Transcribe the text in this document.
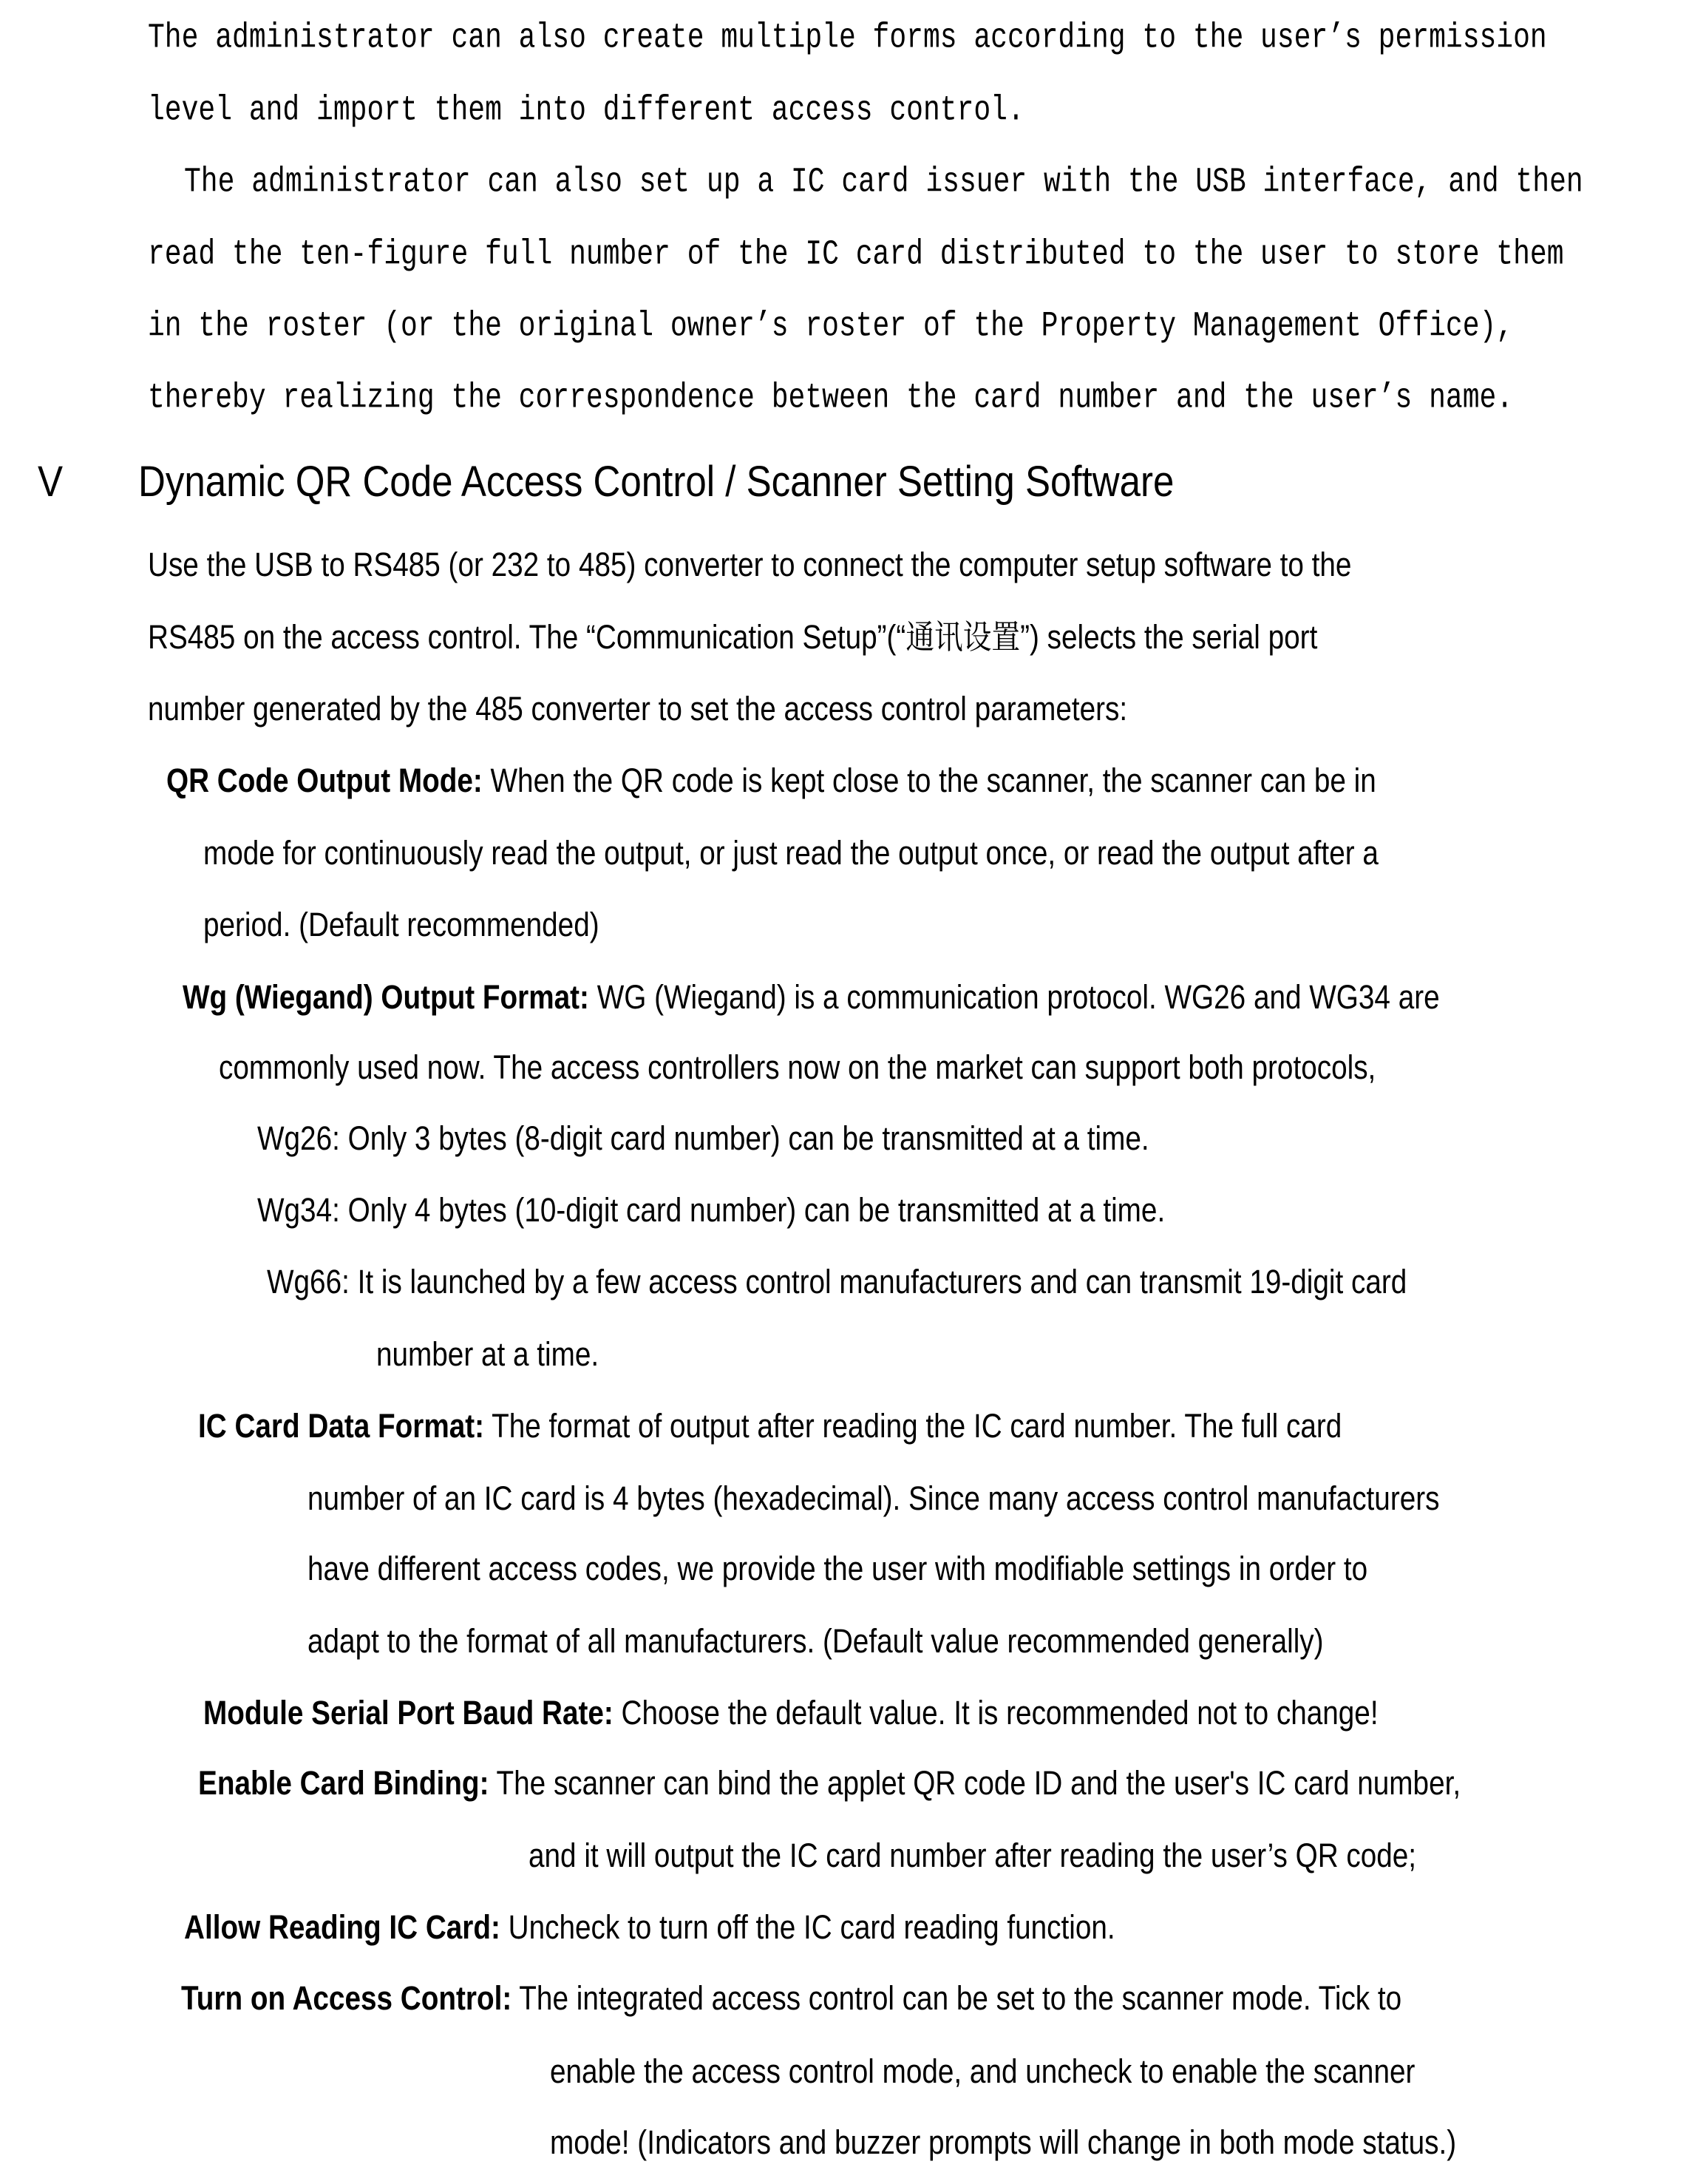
The administrator can also create multiple forms according to the user’s permission
level and import them into different access control.
The administrator can also set up a IC card issuer with the USB interface, and then
read the ten-figure full number of the IC card distributed to the user to store them
in the roster (or the original owner’s roster of the Property Management Office),
thereby realizing the correspondence between the card number and the user’s name.
V Dynamic QR Code Access Control / Scanner Setting Software
Use the USB to RS485 (or 232 to 485) converter to connect the computer setup software to the
RS485 on the access control. The “Communication Setup”(“通讯设置”) selects the serial port
number generated by the 485 converter to set the access control parameters:
QR Code Output Mode: When the QR code is kept close to the scanner, the scanner can be in
mode for continuously read the output, or just read the output once, or read the output after a
period. (Default recommended)
Wg (Wiegand) Output Format: WG (Wiegand) is a communication protocol. WG26 and WG34 are
commonly used now. The access controllers now on the market can support both protocols,
Wg26: Only 3 bytes (8-digit card number) can be transmitted at a time.
Wg34: Only 4 bytes (10-digit card number) can be transmitted at a time.
Wg66: It is launched by a few access control manufacturers and can transmit 19-digit card
number at a time.
IC Card Data Format: The format of output after reading the IC card number. The full card
number of an IC card is 4 bytes (hexadecimal). Since many access control manufacturers
have different access codes, we provide the user with modifiable settings in order to
adapt to the format of all manufacturers. (Default value recommended generally)
Module Serial Port Baud Rate: Choose the default value. It is recommended not to change!
Enable Card Binding: The scanner can bind the applet QR code ID and the user's IC card number,
and it will output the IC card number after reading the user’s QR code;
Allow Reading IC Card: Uncheck to turn off the IC card reading function.
Turn on Access Control: The integrated access control can be set to the scanner mode. Tick to
enable the access control mode, and uncheck to enable the scanner
mode! (Indicators and buzzer prompts will change in both mode status.)
